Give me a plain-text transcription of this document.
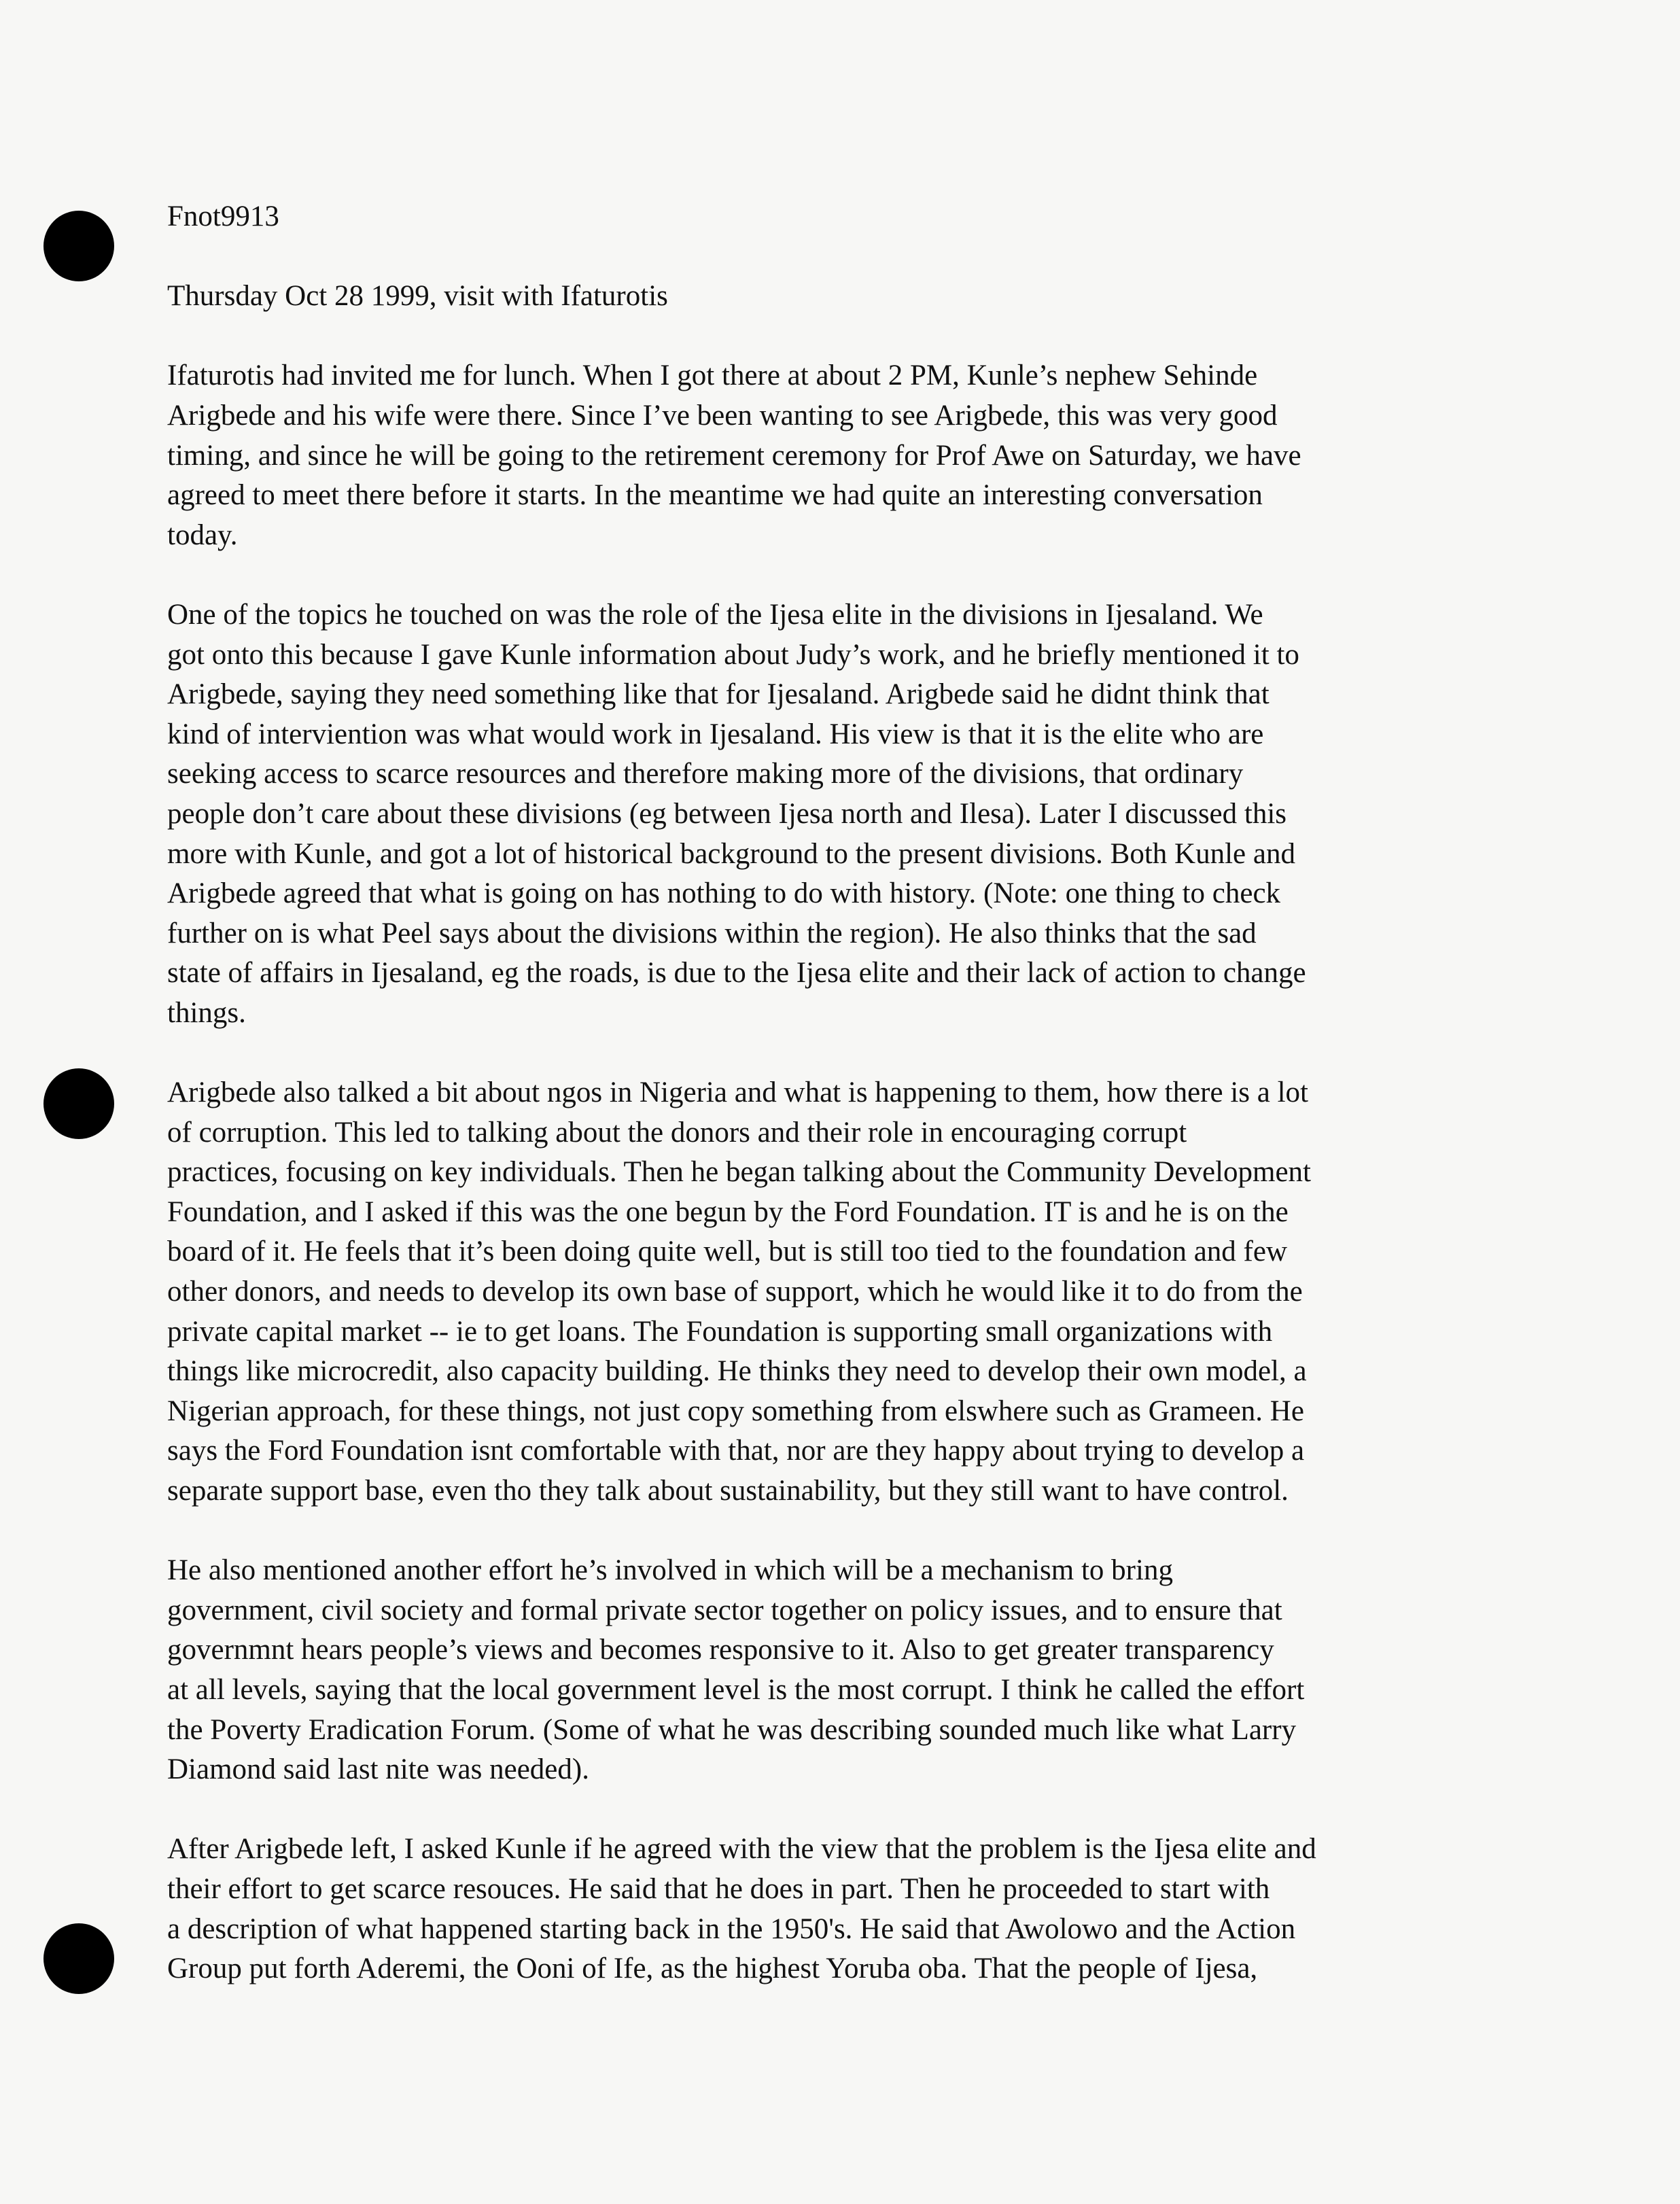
Fnot9913
Thursday Oct 28 1999, visit with Ifaturotis
Ifaturotis had invited me for lunch. When I got there at about 2 PM, Kunle’s nephew Sehinde
Arigbede and his wife were there. Since I’ve been wanting to see Arigbede, this was very good
timing, and since he will be going to the retirement ceremony for Prof Awe on Saturday, we have
agreed to meet there before it starts. In the meantime we had quite an interesting conversation
today.
One of the topics he touched on was the role of the Ijesa elite in the divisions in Ijesaland. We
got onto this because I gave Kunle information about Judy’s work, and he briefly mentioned it to
Arigbede, saying they need something like that for Ijesaland. Arigbede said he didnt think that
kind of interviention was what would work in Ijesaland. His view is that it is the elite who are
seeking access to scarce resources and therefore making more of the divisions, that ordinary
people don’t care about these divisions (eg between Ijesa north and Ilesa). Later I discussed this
more with Kunle, and got a lot of historical background to the present divisions. Both Kunle and
Arigbede agreed that what is going on has nothing to do with history. (Note: one thing to check
further on is what Peel says about the divisions within the region). He also thinks that the sad
state of affairs in Ijesaland, eg the roads, is due to the Ijesa elite and their lack of action to change
things.
Arigbede also talked a bit about ngos in Nigeria and what is happening to them, how there is a lot
of corruption. This led to talking about the donors and their role in encouraging corrupt
practices, focusing on key individuals. Then he began talking about the Community Development
Foundation, and I asked if this was the one begun by the Ford Foundation. IT is and he is on the
board of it. He feels that it’s been doing quite well, but is still too tied to the foundation and few
other donors, and needs to develop its own base of support, which he would like it to do from the
private capital market -- ie to get loans. The Foundation is supporting small organizations with
things like microcredit, also capacity building. He thinks they need to develop their own model, a
Nigerian approach, for these things, not just copy something from elswhere such as Grameen. He
says the Ford Foundation isnt comfortable with that, nor are they happy about trying to develop a
separate support base, even tho they talk about sustainability, but they still want to have control.
He also mentioned another effort he’s involved in which will be a mechanism to bring
government, civil society and formal private sector together on policy issues, and to ensure that
governmnt hears people’s views and becomes responsive to it. Also to get greater transparency
at all levels, saying that the local government level is the most corrupt. I think he called the effort
the Poverty Eradication Forum. (Some of what he was describing sounded much like what Larry
Diamond said last nite was needed).
After Arigbede left, I asked Kunle if he agreed with the view that the problem is the Ijesa elite and
their effort to get scarce resouces. He said that he does in part. Then he proceeded to start with
a description of what happened starting back in the 1950's. He said that Awolowo and the Action
Group put forth Aderemi, the Ooni of Ife, as the highest Yoruba oba. That the people of Ijesa,
